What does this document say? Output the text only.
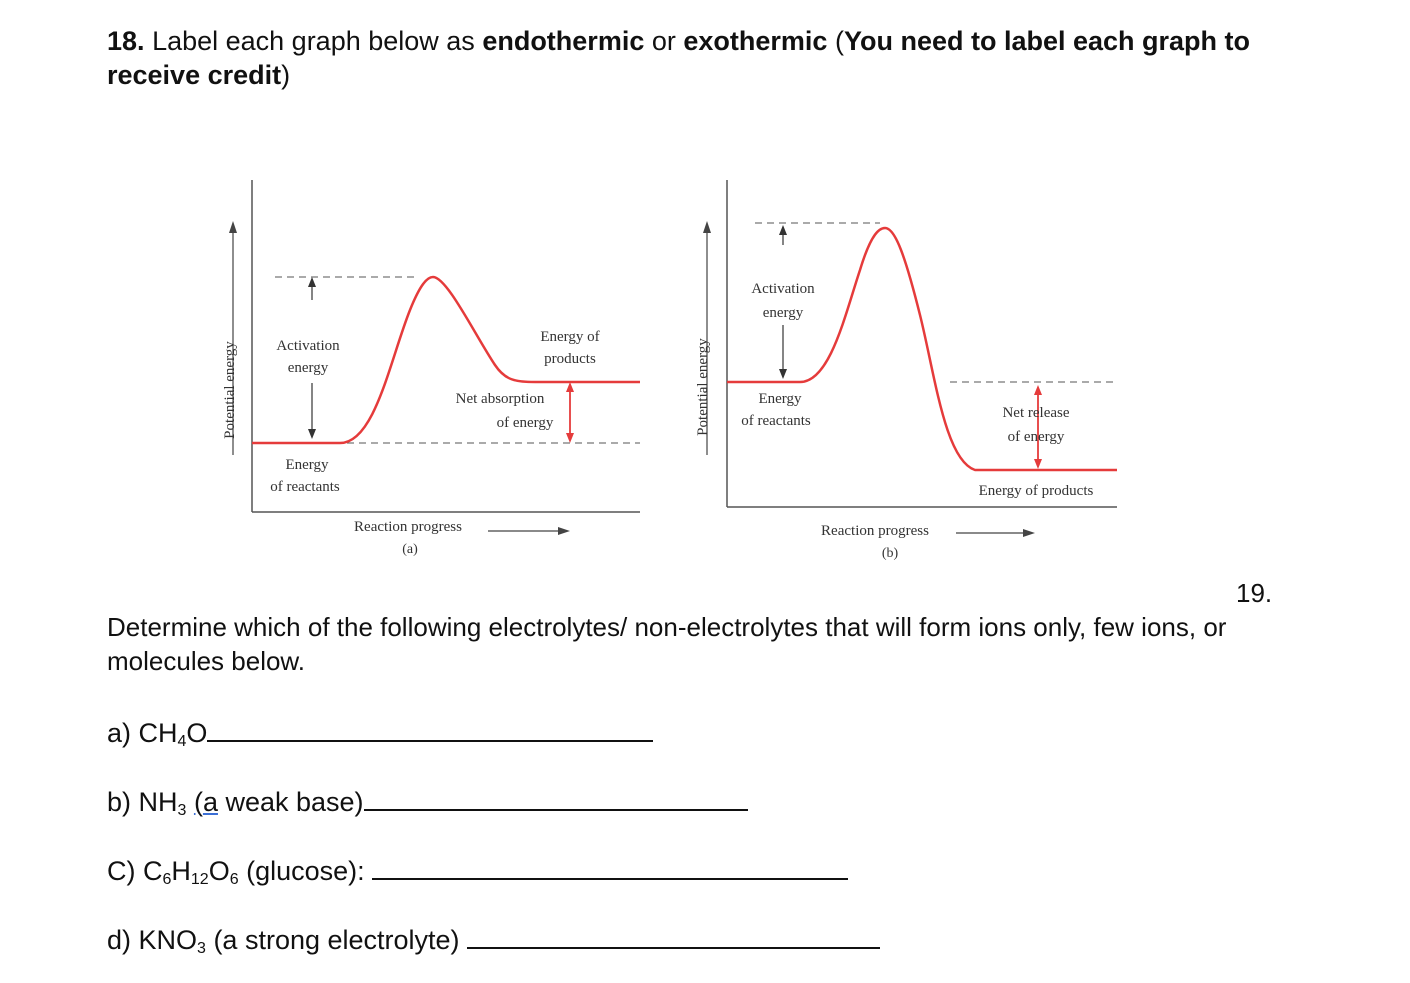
18. Label each graph below as endothermic or exothermic (You need to label each graph to receive credit)
Potential energy	Activation
energy
Energy of
products
Net absorption
of energy
Energy
of reactants
Reaction progress
(a)
Potential energy
Activation
energy
Energy
of reactants	Net release
of energy
Energy of products
Reaction progress
(b)
19.
Determine which of the following electrolytes/ non-electrolytes that will form ions only, few ions, or molecules below.
a) $CH_4O$
b) $NH_3$ (a weak base)
C) $C_6H_{12}O_6$ (glucose):
d) $KNO_3$ (a strong electrolyte)
